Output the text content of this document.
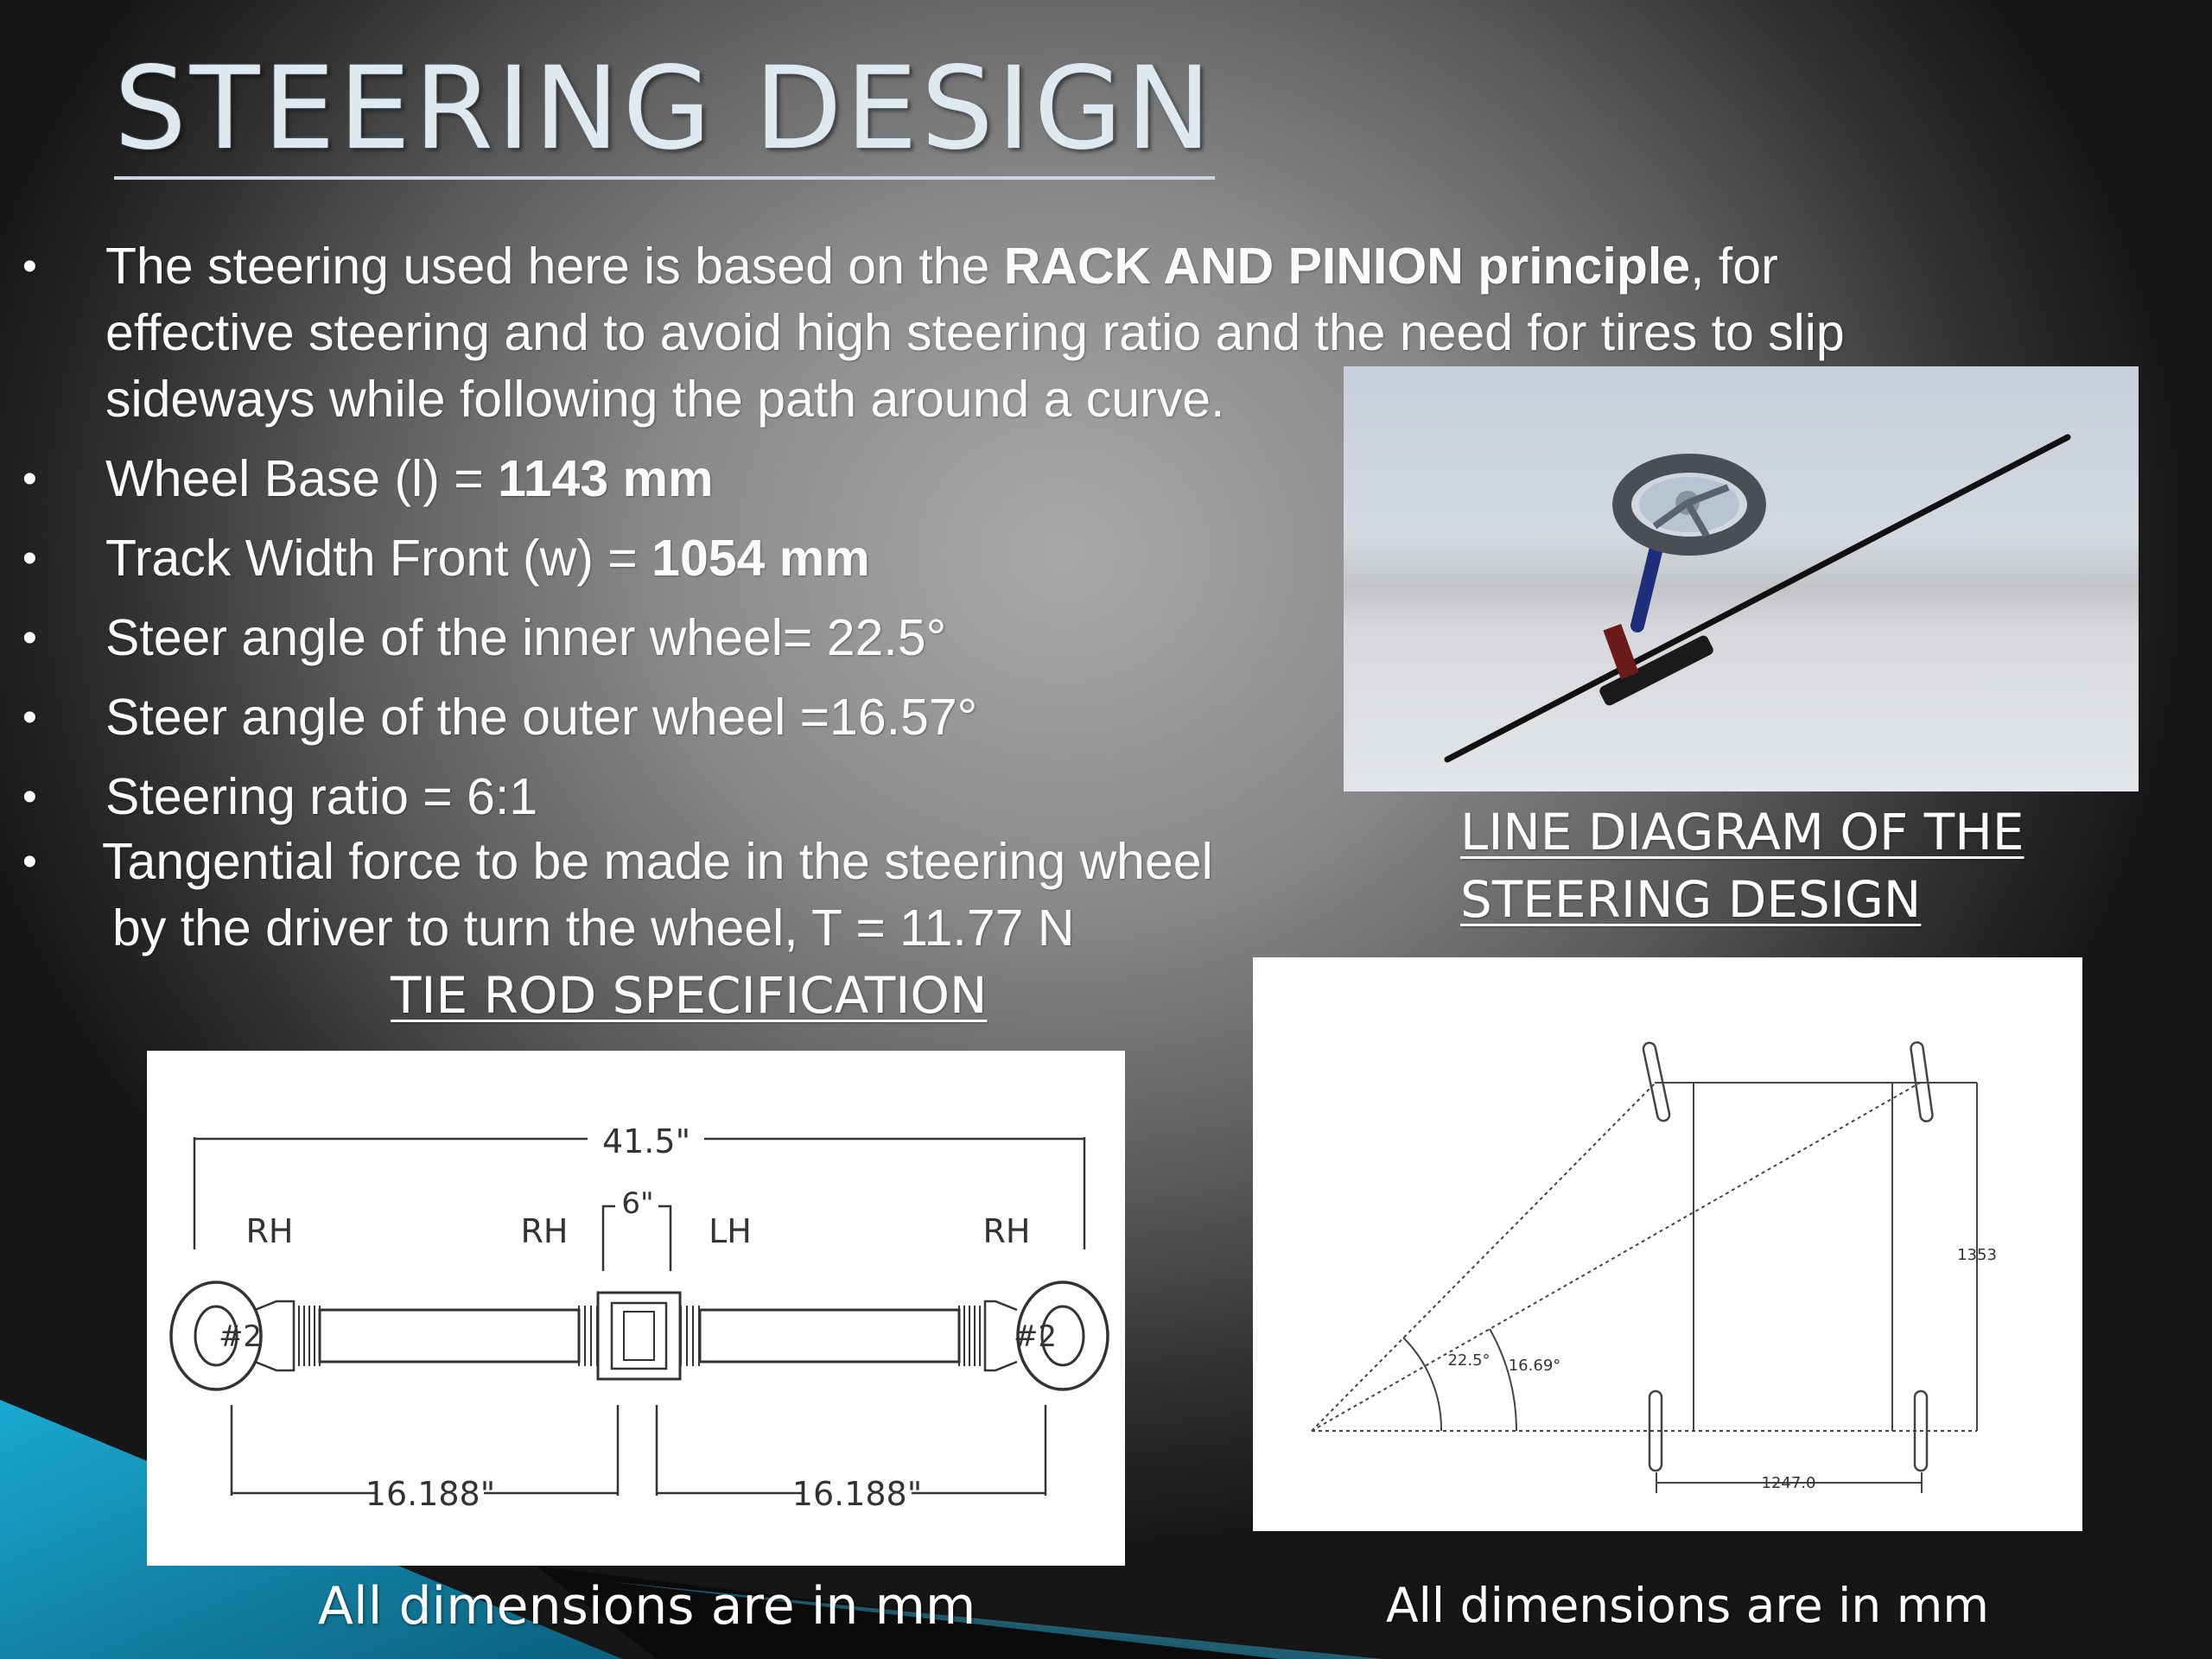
STEERING DESIGN
• The steering used here is based on the RACK AND PINION principle, for
effective steering and to avoid high steering ratio and the need for tires to slip
sideways while following the path around a curve.
• Wheel Base (l) = 1143 mm
• Track Width Front (w) = 1054 mm
• Steer angle of the inner wheel= 22.5°
• Steer angle of the outer wheel =16.57°
• Steering ratio = 6:1
• Tangential force to be made in the steering wheel
by the driver to turn the wheel, T = 11.77 N
LINE DIAGRAM OF THE
STEERING DESIGN
TIE ROD SPECIFICATION
41.5"
6"
RH	RH	LH	RH
#2	#2
16.188"	16.188"
22.5° 16.69°
1353
1247.0
All dimensions are in mm	All dimensions are in mm
